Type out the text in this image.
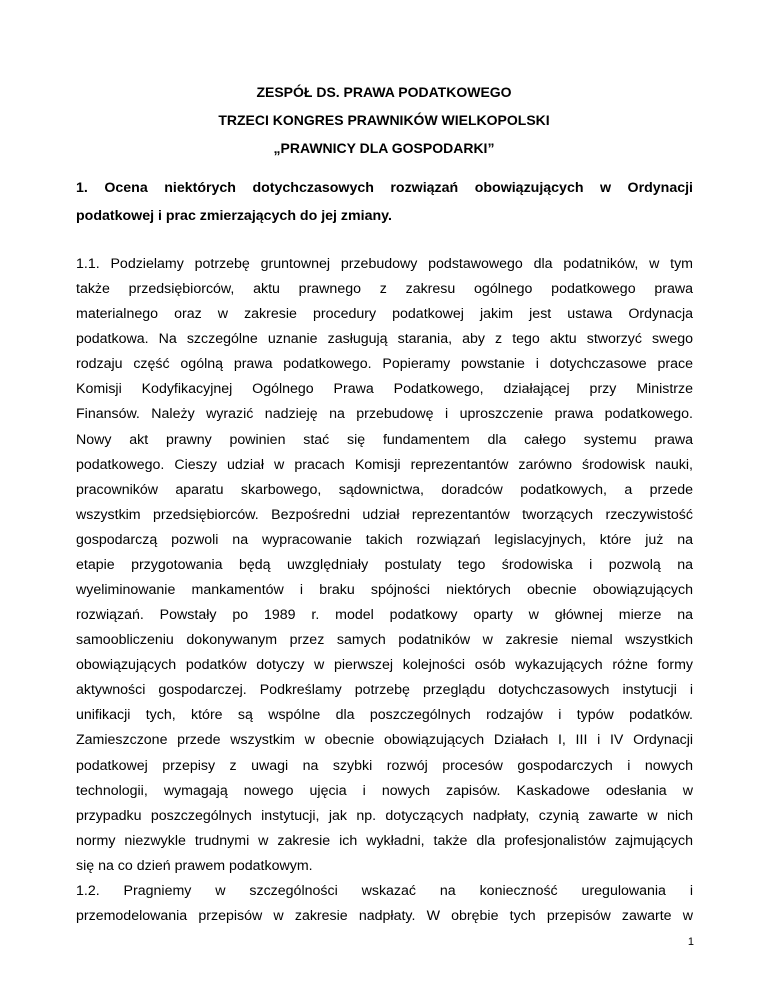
ZESPÓŁ DS. PRAWA PODATKOWEGO
TRZECI KONGRES PRAWNIKÓW WIELKOPOLSKI
„PRAWNICY DLA GOSPODARKI”
1. Ocena niektórych dotychczasowych rozwiązań obowiązujących w Ordynacji
podatkowej i prac zmierzających do jej zmiany.
1.1. Podzielamy potrzebę gruntownej przebudowy podstawowego dla podatników, w tym
także przedsiębiorców, aktu prawnego z zakresu ogólnego podatkowego prawa
materialnego oraz w zakresie procedury podatkowej jakim jest ustawa Ordynacja
podatkowa. Na szczególne uznanie zasługują starania, aby z tego aktu stworzyć swego
rodzaju część ogólną prawa podatkowego. Popieramy powstanie i dotychczasowe prace
Komisji Kodyfikacyjnej Ogólnego Prawa Podatkowego, działającej przy Ministrze
Finansów. Należy wyrazić nadzieję na przebudowę i uproszczenie prawa podatkowego.
Nowy akt prawny powinien stać się fundamentem dla całego systemu prawa
podatkowego. Cieszy udział w pracach Komisji reprezentantów zarówno środowisk nauki,
pracowników aparatu skarbowego, sądownictwa, doradców podatkowych, a przede
wszystkim przedsiębiorców. Bezpośredni udział reprezentantów tworzących rzeczywistość
gospodarczą pozwoli na wypracowanie takich rozwiązań legislacyjnych, które już na
etapie przygotowania będą uwzględniały postulaty tego środowiska i pozwolą na
wyeliminowanie mankamentów i braku spójności niektórych obecnie obowiązujących
rozwiązań. Powstały po 1989 r. model podatkowy oparty w głównej mierze na
samoobliczeniu dokonywanym przez samych podatników w zakresie niemal wszystkich
obowiązujących podatków dotyczy w pierwszej kolejności osób wykazujących różne formy
aktywności gospodarczej. Podkreślamy potrzebę przeglądu dotychczasowych instytucji i
unifikacji tych, które są wspólne dla poszczególnych rodzajów i typów podatków.
Zamieszczone przede wszystkim w obecnie obowiązujących Działach I, III i IV Ordynacji
podatkowej przepisy z uwagi na szybki rozwój procesów gospodarczych i nowych
technologii, wymagają nowego ujęcia i nowych zapisów. Kaskadowe odesłania w
przypadku poszczególnych instytucji, jak np. dotyczących nadpłaty, czynią zawarte w nich
normy niezwykle trudnymi w zakresie ich wykładni, także dla profesjonalistów zajmujących
się na co dzień prawem podatkowym.
1.2. Pragniemy w szczególności wskazać na konieczność uregulowania i
przemodelowania przepisów w zakresie nadpłaty. W obrębie tych przepisów zawarte w
1
